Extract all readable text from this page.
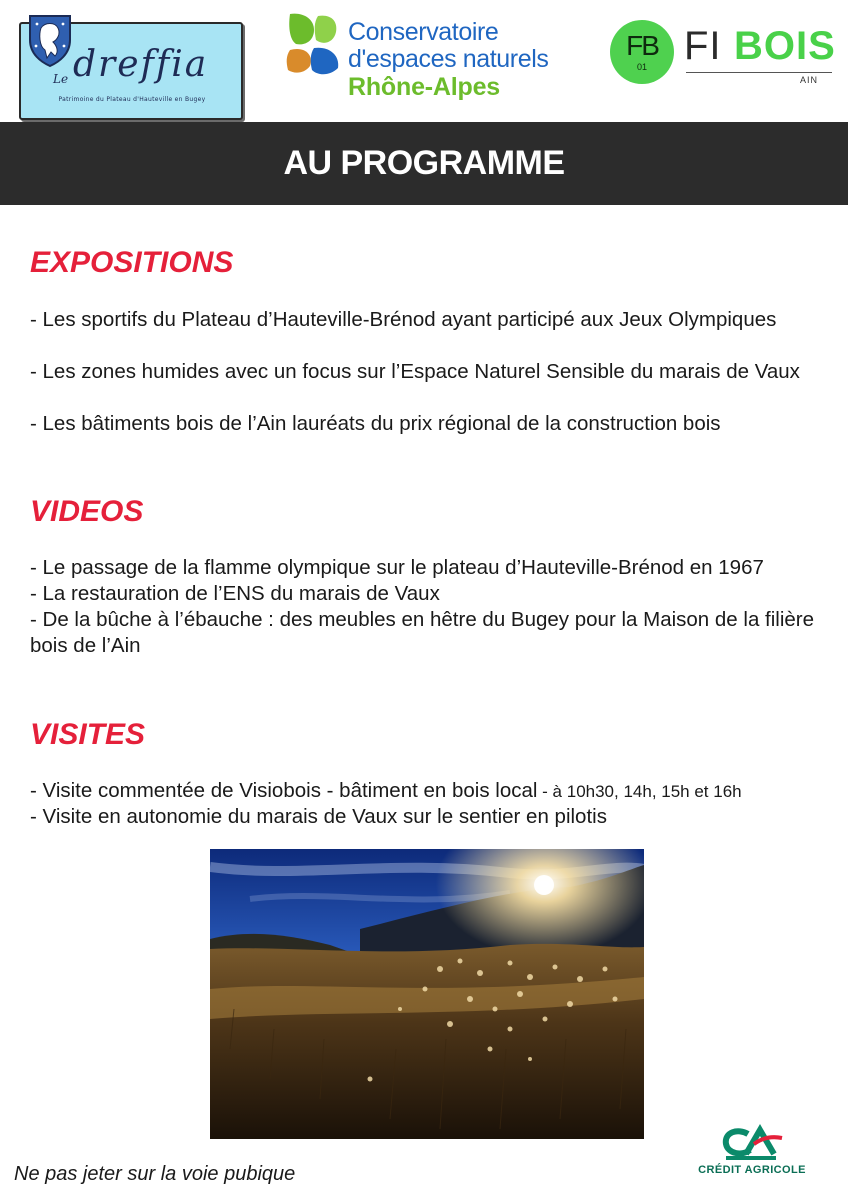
Le dreffia
Patrimoine du Plateau d'Hauteville en Bugey
Conservatoire
d'espaces naturels
Rhône-Alpes
FB
01 FI BOIS
AIN
AU PROGRAMME
EXPOSITIONS
- Les sportifs du Plateau d’Hauteville-Brénod ayant participé aux Jeux Olympiques
- Les zones humides avec un focus sur l’Espace Naturel Sensible du marais de Vaux
- Les bâtiments bois de l’Ain lauréats du prix régional de la construction bois
VIDEOS
- Le passage de la flamme olympique sur le plateau d’Hauteville-Brénod en 1967
- La restauration de l’ENS du marais de Vaux
- De la bûche à l’ébauche : des meubles en hêtre du Bugey pour la Maison de la filière bois de l’Ain
VISITES
- Visite commentée de Visiobois - bâtiment en bois local - à 10h30, 14h, 15h et 16h
- Visite en autonomie du marais de Vaux sur le sentier en pilotis
Ne pas jeter sur la voie pubique	CRÉDIT AGRICOLE
